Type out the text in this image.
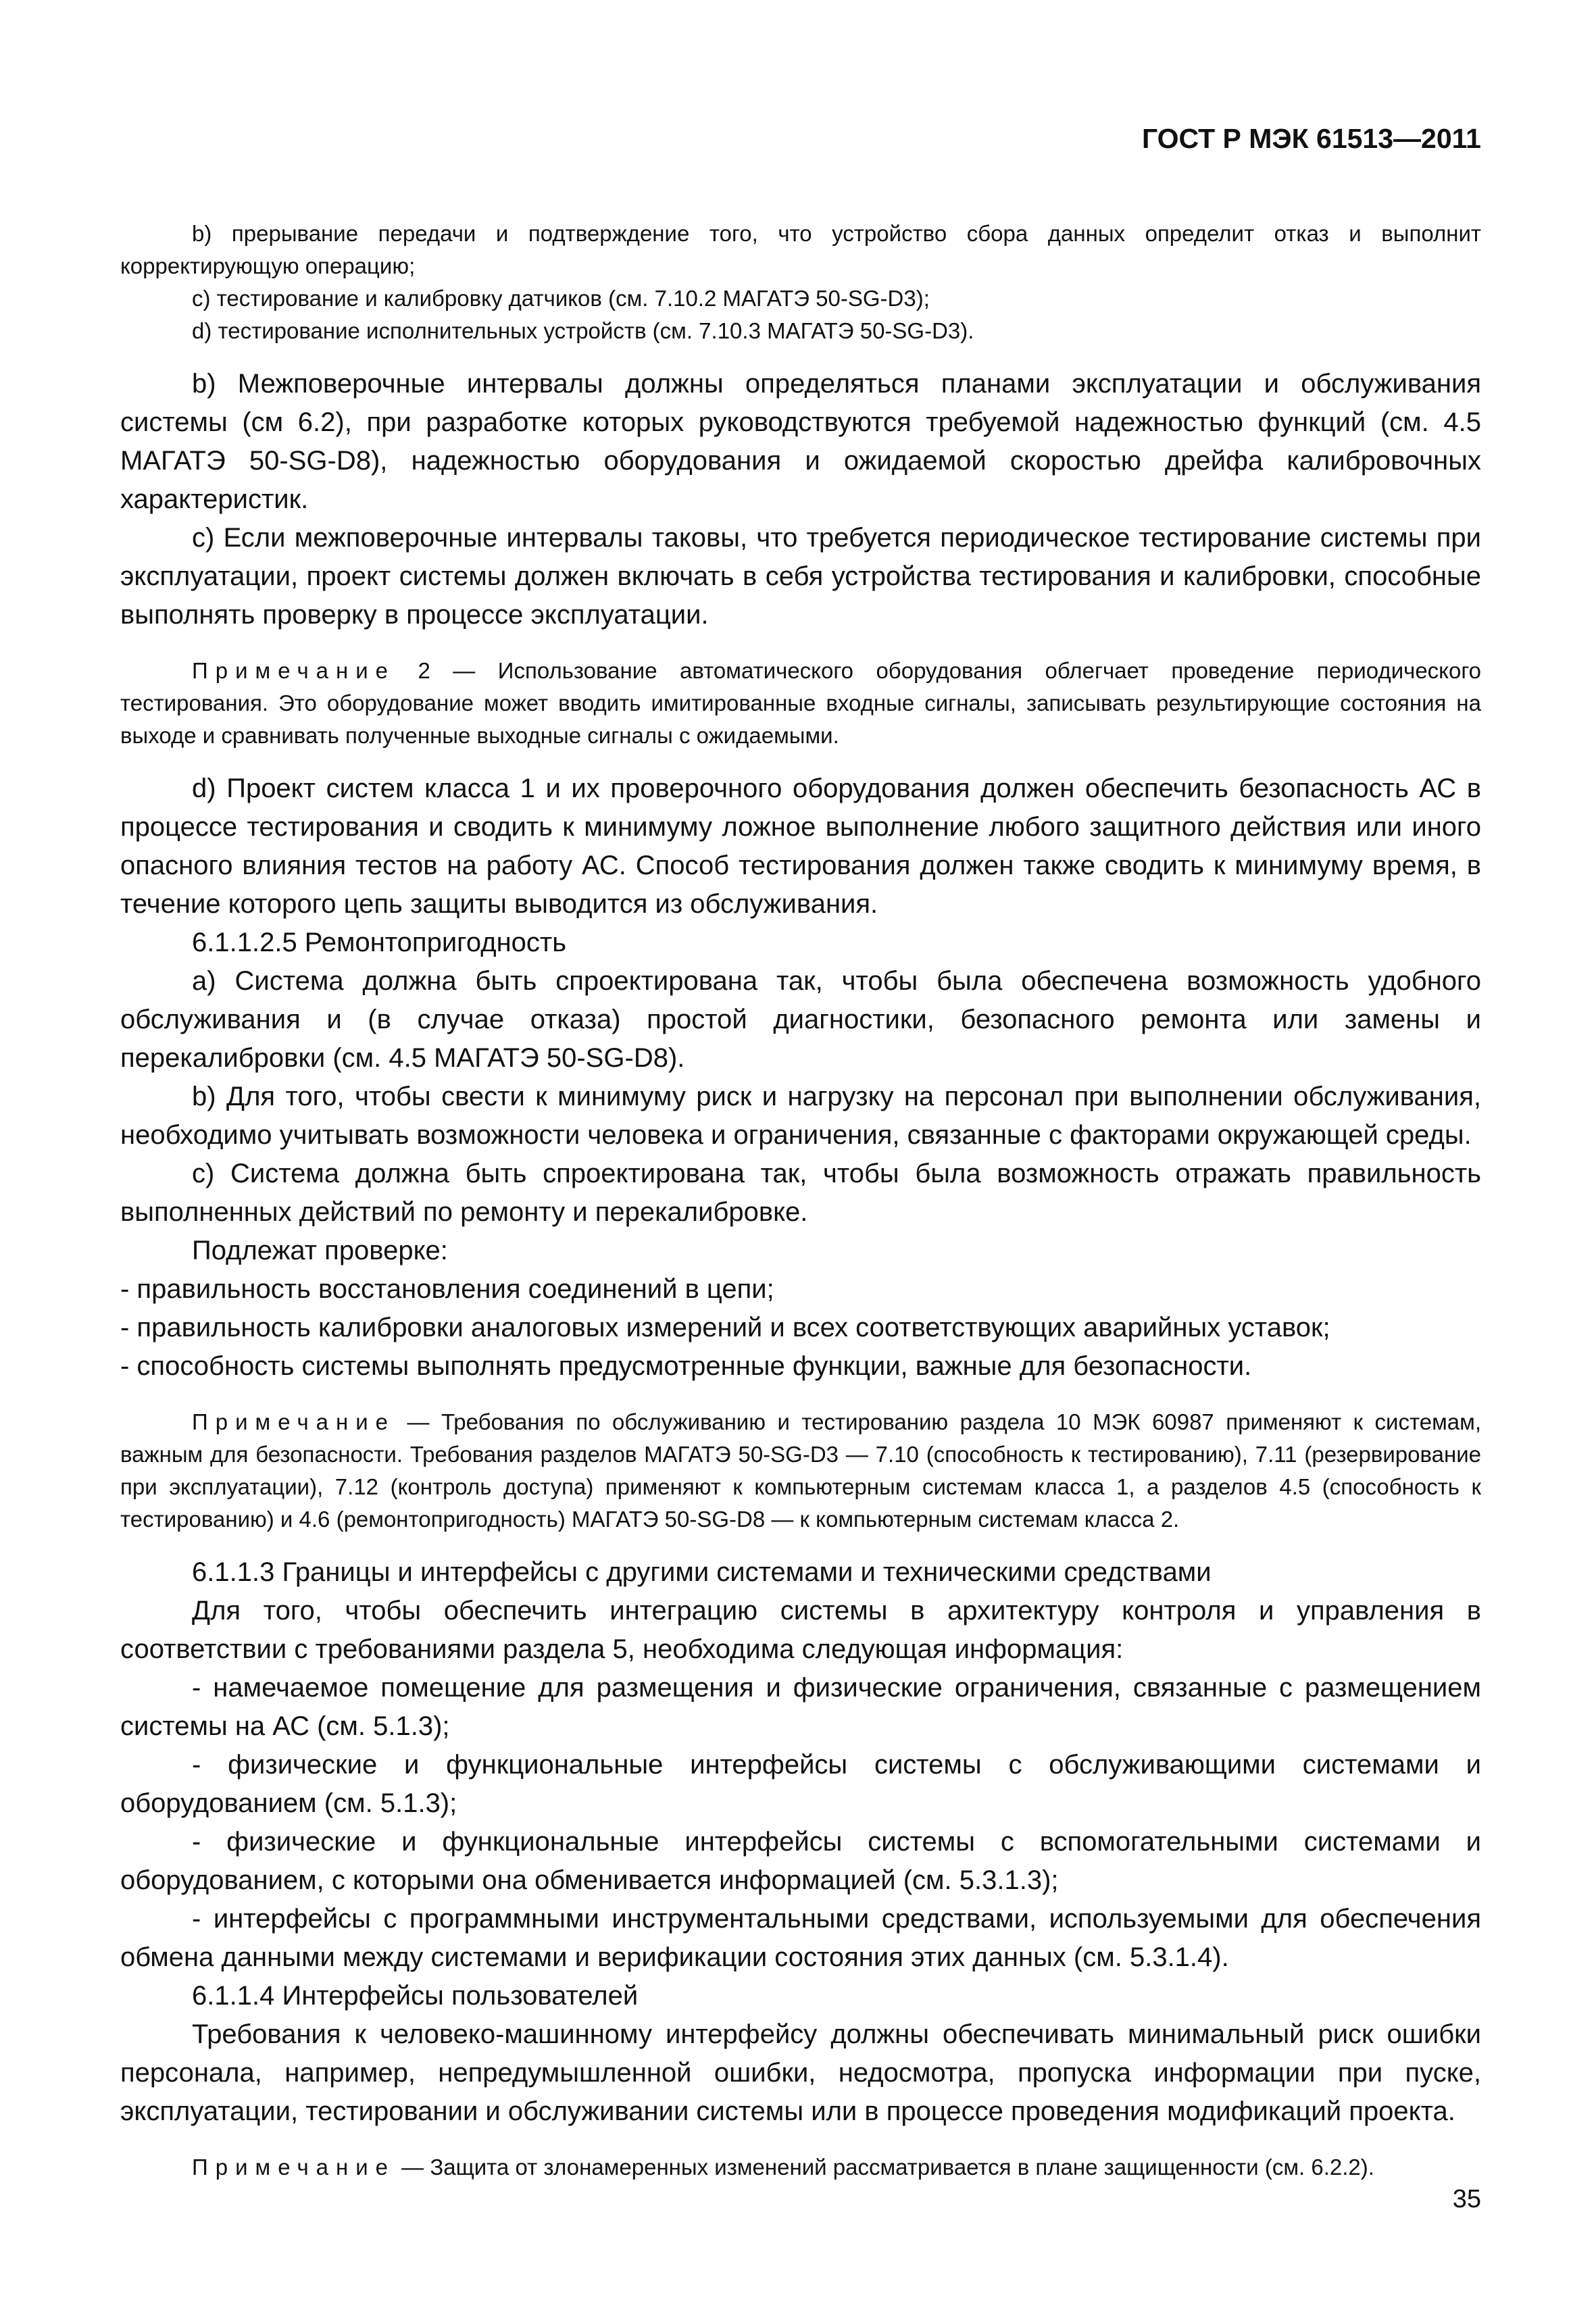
ГОСТ Р МЭК 61513—2011

b) прерывание передачи и подтверждение того, что устройство сбора данных определит отказ и выполнит корректирующую операцию;

c) тестирование и калибровку датчиков (см. 7.10.2 МАГАТЭ 50-SG-D3);

d) тестирование исполнительных устройств (см. 7.10.3 МАГАТЭ 50-SG-D3).

b) Межповерочные интервалы должны определяться планами эксплуатации и обслуживания системы (см 6.2), при разработке которых руководствуются требуемой надежностью функций (см. 4.5 МАГАТЭ 50-SG-D8), надежностью оборудования и ожидаемой скоростью дрейфа калибровочных характеристик.

c) Если межповерочные интервалы таковы, что требуется периодическое тестирование системы при эксплуатации, проект системы должен включать в себя устройства тестирования и калибровки, способные выполнять проверку в процессе эксплуатации.

Примечание 2 — Использование автоматического оборудования облегчает проведение периодического тестирования. Это оборудование может вводить имитированные входные сигналы, записывать результирующие состояния на выходе и сравнивать полученные выходные сигналы с ожидаемыми.

d) Проект систем класса 1 и их проверочного оборудования должен обеспечить безопасность АС в процессе тестирования и сводить к минимуму ложное выполнение любого защитного действия или иного опасного влияния тестов на работу АС. Способ тестирования должен также сводить к минимуму время, в течение которого цепь защиты выводится из обслуживания.

6.1.1.2.5 Ремонтопригодность

a) Система должна быть спроектирована так, чтобы была обеспечена возможность удобного обслуживания и (в случае отказа) простой диагностики, безопасного ремонта или замены и перекалибровки (см. 4.5 МАГАТЭ 50-SG-D8).

b) Для того, чтобы свести к минимуму риск и нагрузку на персонал при выполнении обслуживания, необходимо учитывать возможности человека и ограничения, связанные с факторами окружающей среды.

c) Система должна быть спроектирована так, чтобы была возможность отражать правильность выполненных действий по ремонту и перекалибровке.

Подлежат проверке:

- правильность восстановления соединений в цепи;

- правильность калибровки аналоговых измерений и всех соответствующих аварийных уставок;

- способность системы выполнять предусмотренные функции, важные для безопасности.

Примечание — Требования по обслуживанию и тестированию раздела 10 МЭК 60987 применяют к системам, важным для безопасности. Требования разделов МАГАТЭ 50-SG-D3 — 7.10 (способность к тестированию), 7.11 (резервирование при эксплуатации), 7.12 (контроль доступа) применяют к компьютерным системам класса 1, а разделов 4.5 (способность к тестированию) и 4.6 (ремонтопригодность) МАГАТЭ 50-SG-D8 — к компьютерным системам класса 2.

6.1.1.3 Границы и интерфейсы с другими системами и техническими средствами

Для того, чтобы обеспечить интеграцию системы в архитектуру контроля и управления в соответствии с требованиями раздела 5, необходима следующая информация:

- намечаемое помещение для размещения и физические ограничения, связанные с размещением системы на АС (см. 5.1.3);

- физические и функциональные интерфейсы системы с обслуживающими системами и оборудованием (см. 5.1.3);

- физические и функциональные интерфейсы системы с вспомогательными системами и оборудованием, с которыми она обменивается информацией (см. 5.3.1.3);

- интерфейсы с программными инструментальными средствами, используемыми для обеспечения обмена данными между системами и верификации состояния этих данных (см. 5.3.1.4).

6.1.1.4 Интерфейсы пользователей

Требования к человеко-машинному интерфейсу должны обеспечивать минимальный риск ошибки персонала, например, непредумышленной ошибки, недосмотра, пропуска информации при пуске, эксплуатации, тестировании и обслуживании системы или в процессе проведения модификаций проекта.

Примечание — Защита от злонамеренных изменений рассматривается в плане защищенности (см. 6.2.2).

35
